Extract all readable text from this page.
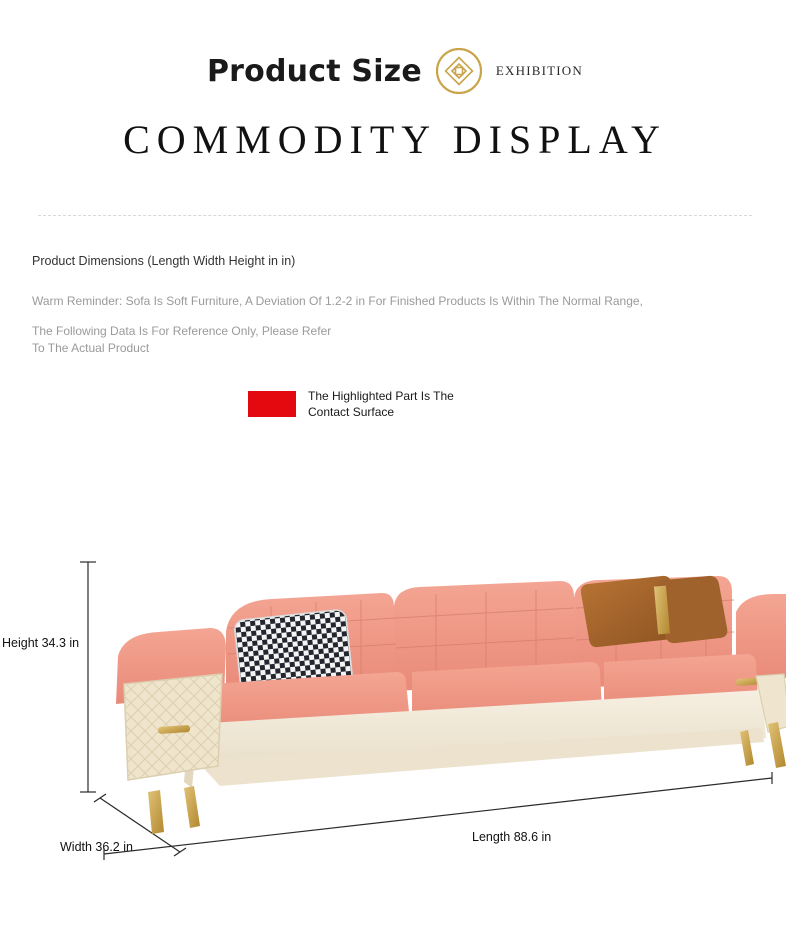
Product Size	EXHIBITION
COMMODITY DISPLAY
Product Dimensions (Length Width Height in in)
Warm Reminder: Sofa Is Soft Furniture, A Deviation Of 1.2-2 in For Finished Products Is Within The Normal Range,
The Following Data Is For Reference Only, Please Refer
To The Actual Product
The Highlighted Part Is The
Contact Surface
Height 34.3 in
Width 36.2 in
Length 88.6 in
